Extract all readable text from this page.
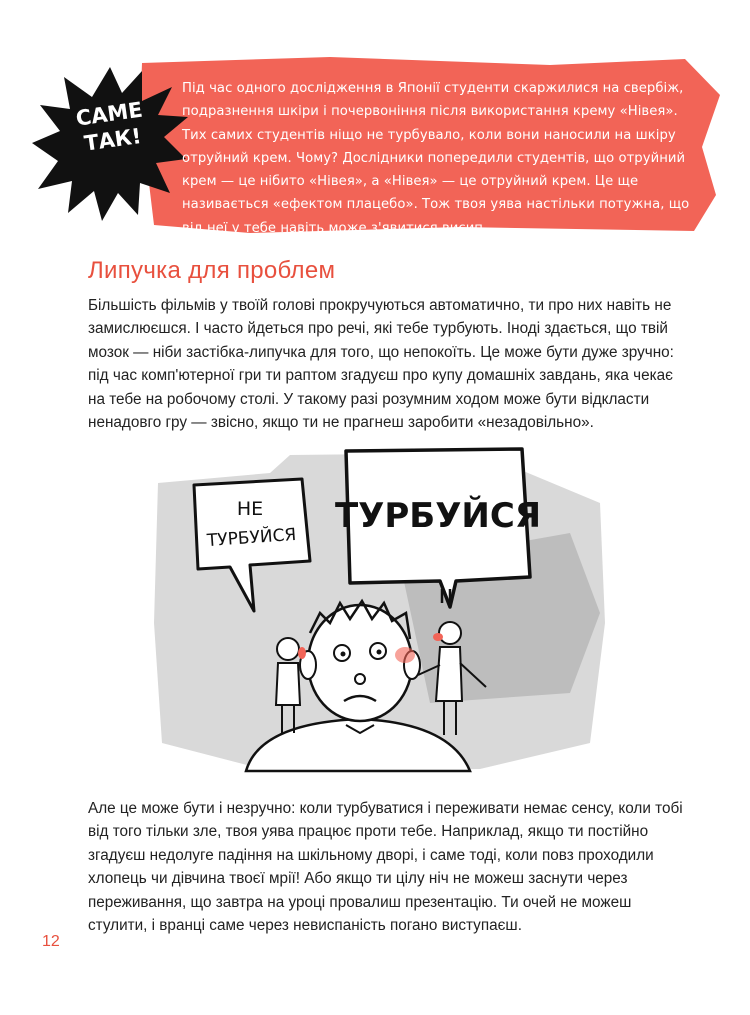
САМЕ
ТАК!

Під час одного дослідження в Японії студенти скаржилися на свербіж, подразнення шкіри і почервоніння після використання крему «Нівея». Тих самих студентів ніщо не турбувало, коли вони наносили на шкіру отруйний крем. Чому? Дослідники попередили студентів, що отруйний крем — це нібито «Нівея», а «Нівея» — це отруйний крем. Це ще називається «ефектом плацебо». Тож твоя уява настільки потужна, що від неї у тебе навіть може з'явитися висип.

Липучка для проблем

Більшість фільмів у твоїй голові прокручуються автоматично, ти про них навіть не замислюєшся. І часто йдеться про речі, які тебе турбують. Іноді здається, що твій мозок — ніби застібка-липучка для того, що непокоїть. Це може бути дуже зручно: під час комп'ютерної гри ти раптом згадуєш про купу домашніх завдань, яка чекає на тебе на робочому столі. У такому разі розумним ходом може бути відкласти ненадовго гру — звісно, якщо ти не прагнеш заробити «незадовільно».

НЕ
ТУРБУЙСЯ
ТУРБУЙСЯ

Але це може бути і незручно: коли турбуватися і переживати немає сенсу, коли тобі від того тільки зле, твоя уява працює проти тебе. Наприклад, якщо ти постійно згадуєш недолуге падіння на шкільному дворі, і саме тоді, коли повз проходили хлопець чи дівчина твоєї мрії! Або якщо ти цілу ніч не можеш заснути через переживання, що завтра на уроці провалиш презентацію. Ти очей не можеш стулити, і вранці саме через невиспаність погано виступаєш.

12
